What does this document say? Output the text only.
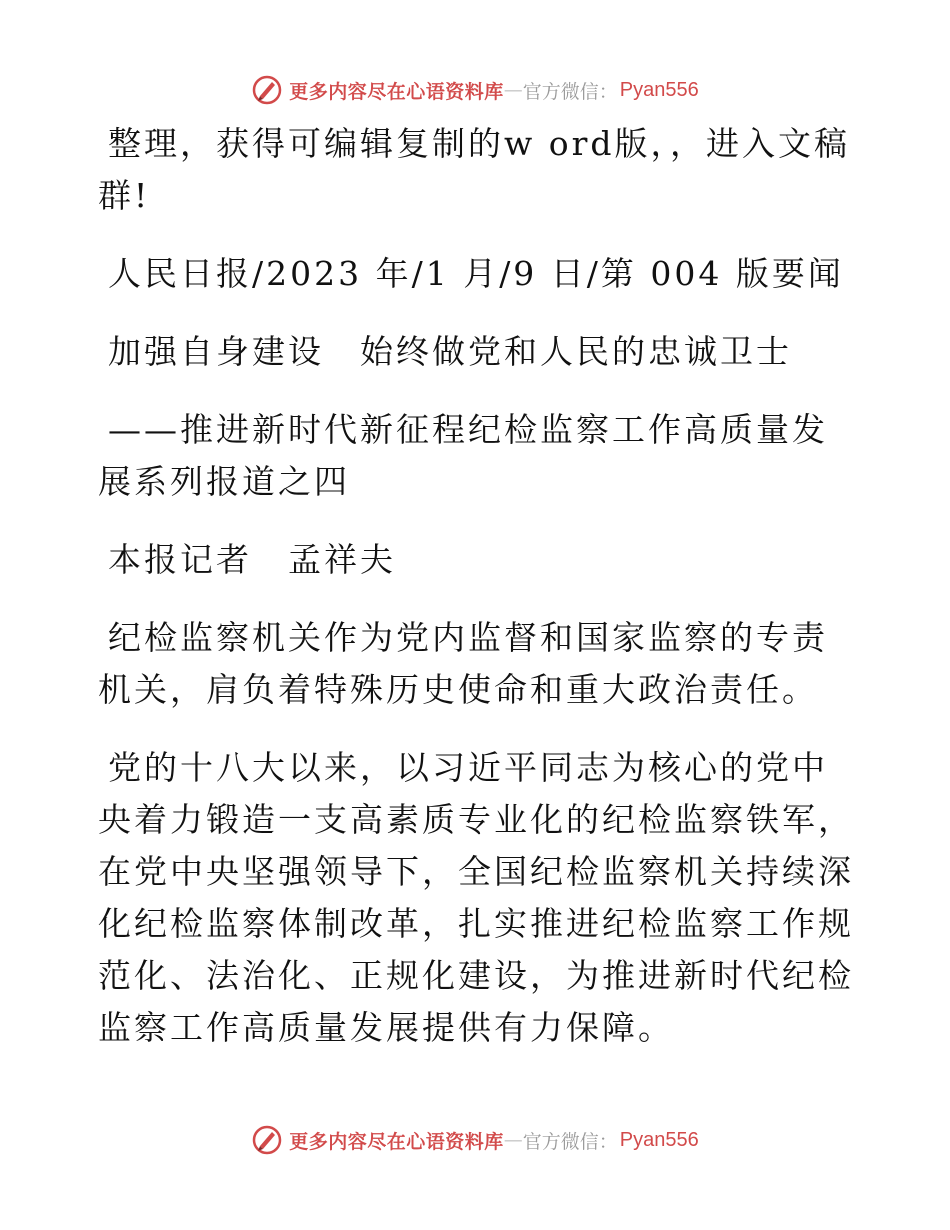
更多内容尽在心语资料库 — 官方微信： Pyan556

整理，获得可编辑复制的w ord版，，进入文稿群!

人民日报/2023 年/1 月/9 日/第 004 版要闻

加强自身建设　始终做党和人民的忠诚卫士

——推进新时代新征程纪检监察工作高质量发展系列报道之四

本报记者　孟祥夫

纪检监察机关作为党内监督和国家监察的专责机关，肩负着特殊历史使命和重大政治责任。

党的十八大以来，以习近平同志为核心的党中央着力锻造一支高素质专业化的纪检监察铁军，在党中央坚强领导下，全国纪检监察机关持续深化纪检监察体制改革，扎实推进纪检监察工作规范化、法治化、正规化建设，为推进新时代纪检监察工作高质量发展提供有力保障。

更多内容尽在心语资料库 — 官方微信： Pyan556
